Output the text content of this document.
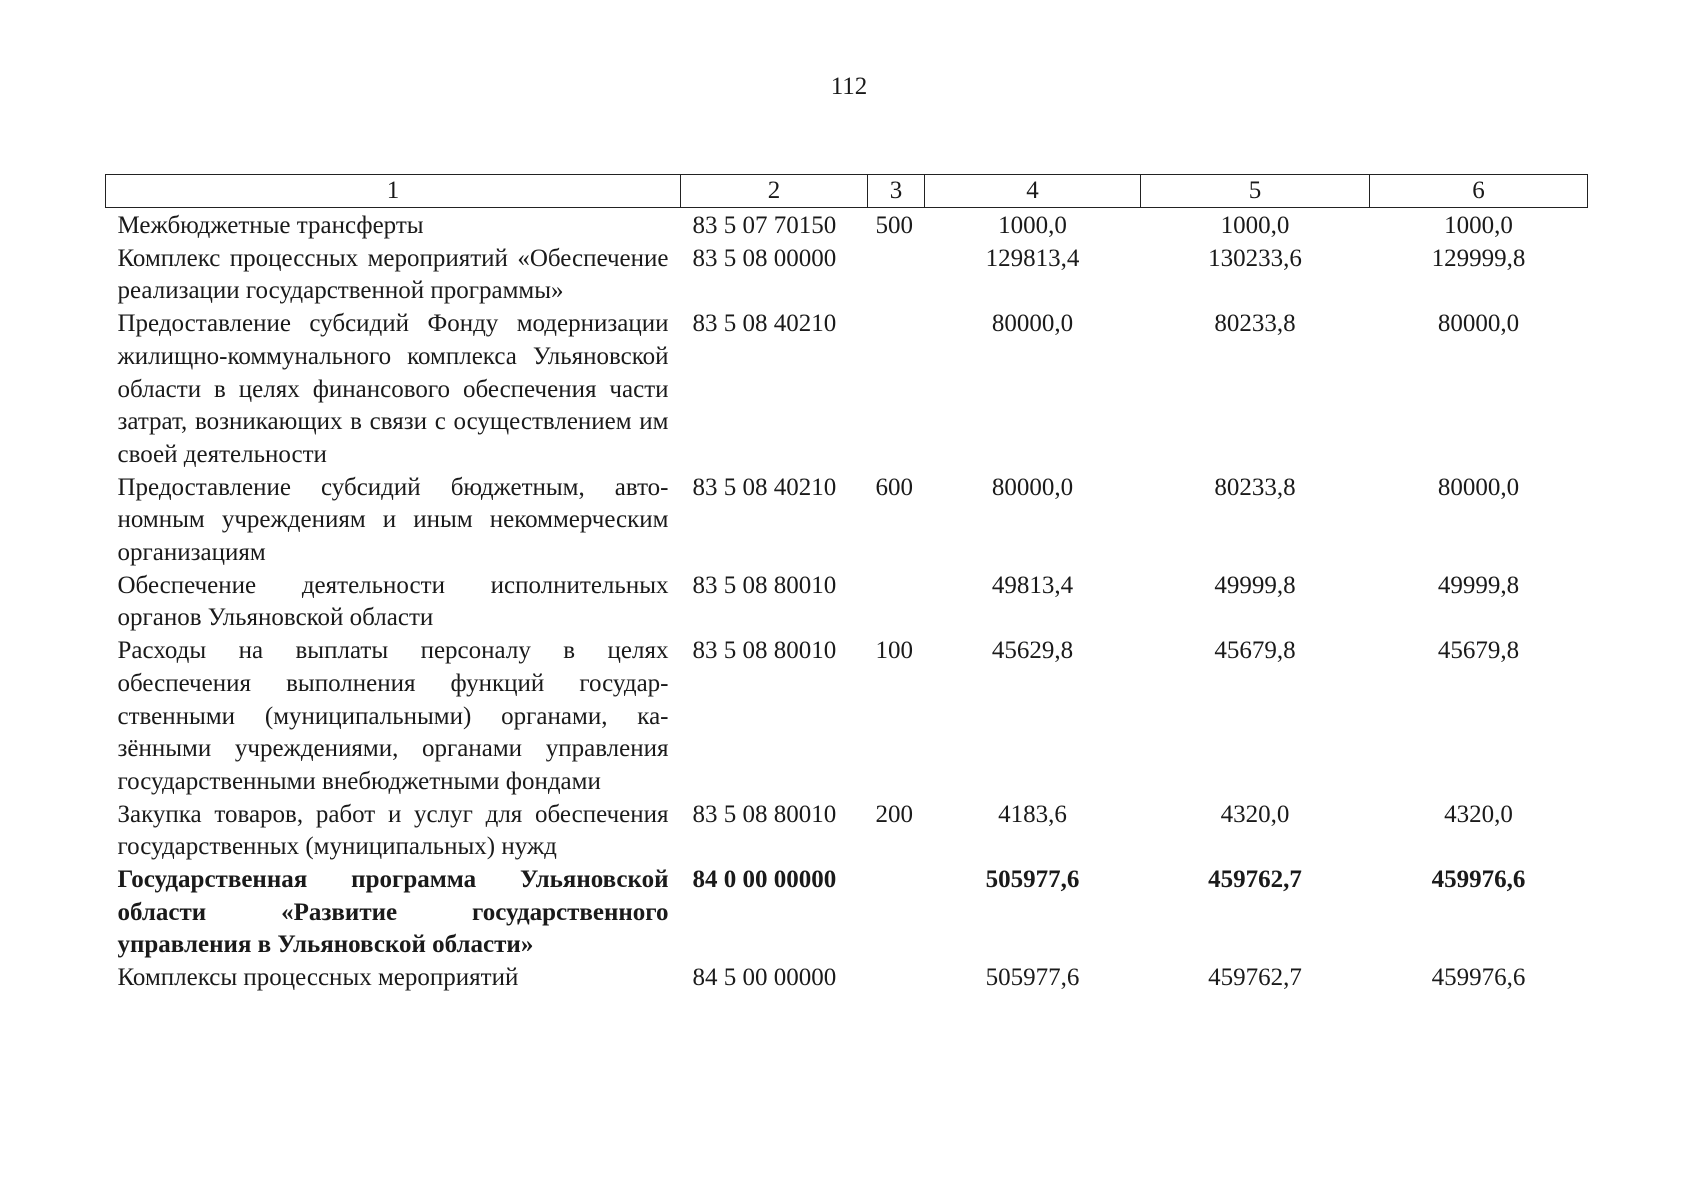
112
1	2	3	4	5	6
Межбюджетные трансферты	83 5 07 70150	500	1000,0	1000,0	1000,0
Комплекс процессных мероприятий «Обеспечение реализации государственной программы»	83 5 08 00000		129813,4	130233,6	129999,8
Предоставление субсидий Фонду модернизации жилищно-коммунального комплекса Ульяновской области в целях финансового обеспечения части затрат, возникающих в связи с осуществлением им своей деятельности	83 5 08 40210		80000,0	80233,8	80000,0
Предоставление субсидий бюджетным, автономным учреждениям и иным некоммерческим организациям	83 5 08 40210	600	80000,0	80233,8	80000,0
Обеспечение деятельности исполнительных органов Ульяновской области	83 5 08 80010		49813,4	49999,8	49999,8
Расходы на выплаты персоналу в целях обеспечения выполнения функций государственными (муниципальными) органами, казёнными учреждениями, органами управления государственными внебюджетными фондами	83 5 08 80010	100	45629,8	45679,8	45679,8
Закупка товаров, работ и услуг для обеспечения государственных (муниципальных) нужд	83 5 08 80010	200	4183,6	4320,0	4320,0
Государственная программа Ульяновской области «Развитие государственного управления в Ульяновской области»	84 0 00 00000		505977,6	459762,7	459976,6
Комплексы процессных мероприятий	84 5 00 00000		505977,6	459762,7	459976,6
